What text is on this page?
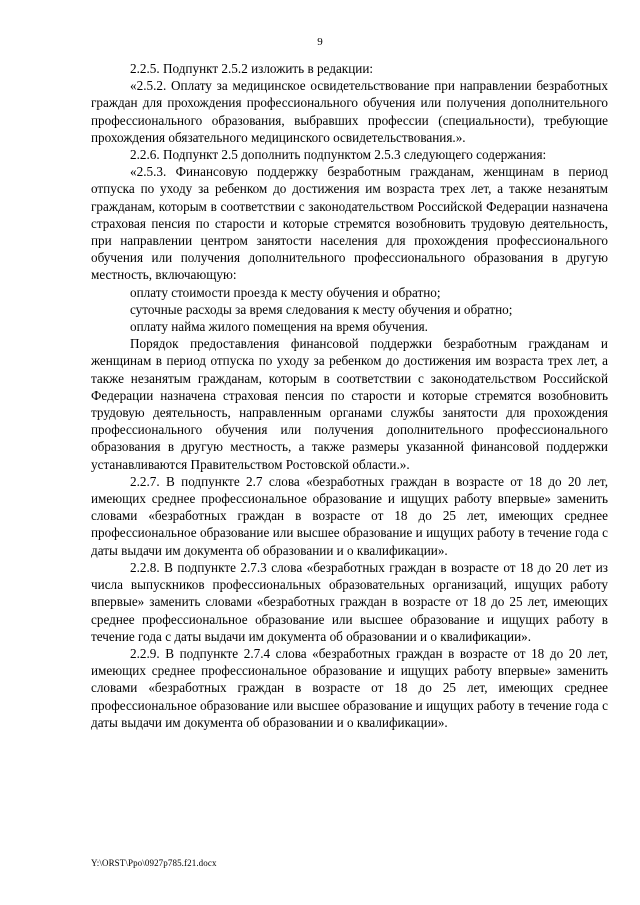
9

2.2.5. Подпункт 2.5.2 изложить в редакции:

«2.5.2. Оплату за медицинское освидетельствование при направлении безработных граждан для прохождения профессионального обучения или получения дополнительного профессионального образования, выбравших профессии (специальности), требующие прохождения обязательного медицинского освидетельствования.».

2.2.6. Подпункт 2.5 дополнить подпунктом 2.5.3 следующего содержания:

«2.5.3. Финансовую поддержку безработным гражданам, женщинам в период отпуска по уходу за ребенком до достижения им возраста трех лет, а также незанятым гражданам, которым в соответствии с законодательством Российской Федерации назначена страховая пенсия по старости и которые стремятся возобновить трудовую деятельность, при направлении центром занятости населения для прохождения профессионального обучения или получения дополнительного профессионального образования в другую местность, включающую:

оплату стоимости проезда к месту обучения и обратно;

суточные расходы за время следования к месту обучения и обратно;

оплату найма жилого помещения на время обучения.

Порядок предоставления финансовой поддержки безработным гражданам и женщинам в период отпуска по уходу за ребенком до достижения им возраста трех лет, а также незанятым гражданам, которым в соответствии с законодательством Российской Федерации назначена страховая пенсия по старости и которые стремятся возобновить трудовую деятельность, направленным органами службы занятости для прохождения профессионального обучения или получения дополнительного профессионального образования в другую местность, а также размеры указанной финансовой поддержки устанавливаются Правительством Ростовской области.».

2.2.7. В подпункте 2.7 слова «безработных граждан в возрасте от 18 до 20 лет, имеющих среднее профессиональное образование и ищущих работу впервые» заменить словами «безработных граждан в возрасте от 18 до 25 лет, имеющих среднее профессиональное образование или высшее образование и ищущих работу в течение года с даты выдачи им документа об образовании и о квалификации».

2.2.8. В подпункте 2.7.3 слова «безработных граждан в возрасте от 18 до 20 лет из числа выпускников профессиональных образовательных организаций, ищущих работу впервые» заменить словами «безработных граждан в возрасте от 18 до 25 лет, имеющих среднее профессиональное образование или высшее образование и ищущих работу в течение года с даты выдачи им документа об образовании и о квалификации».

2.2.9. В подпункте 2.7.4 слова «безработных граждан в возрасте от 18 до 20 лет, имеющих среднее профессиональное образование и ищущих работу впервые» заменить словами «безработных граждан в возрасте от 18 до 25 лет, имеющих среднее профессиональное образование или высшее образование и ищущих работу в течение года с даты выдачи им документа об образовании и о квалификации».

Y:\ORST\Ppo\0927p785.f21.docx
